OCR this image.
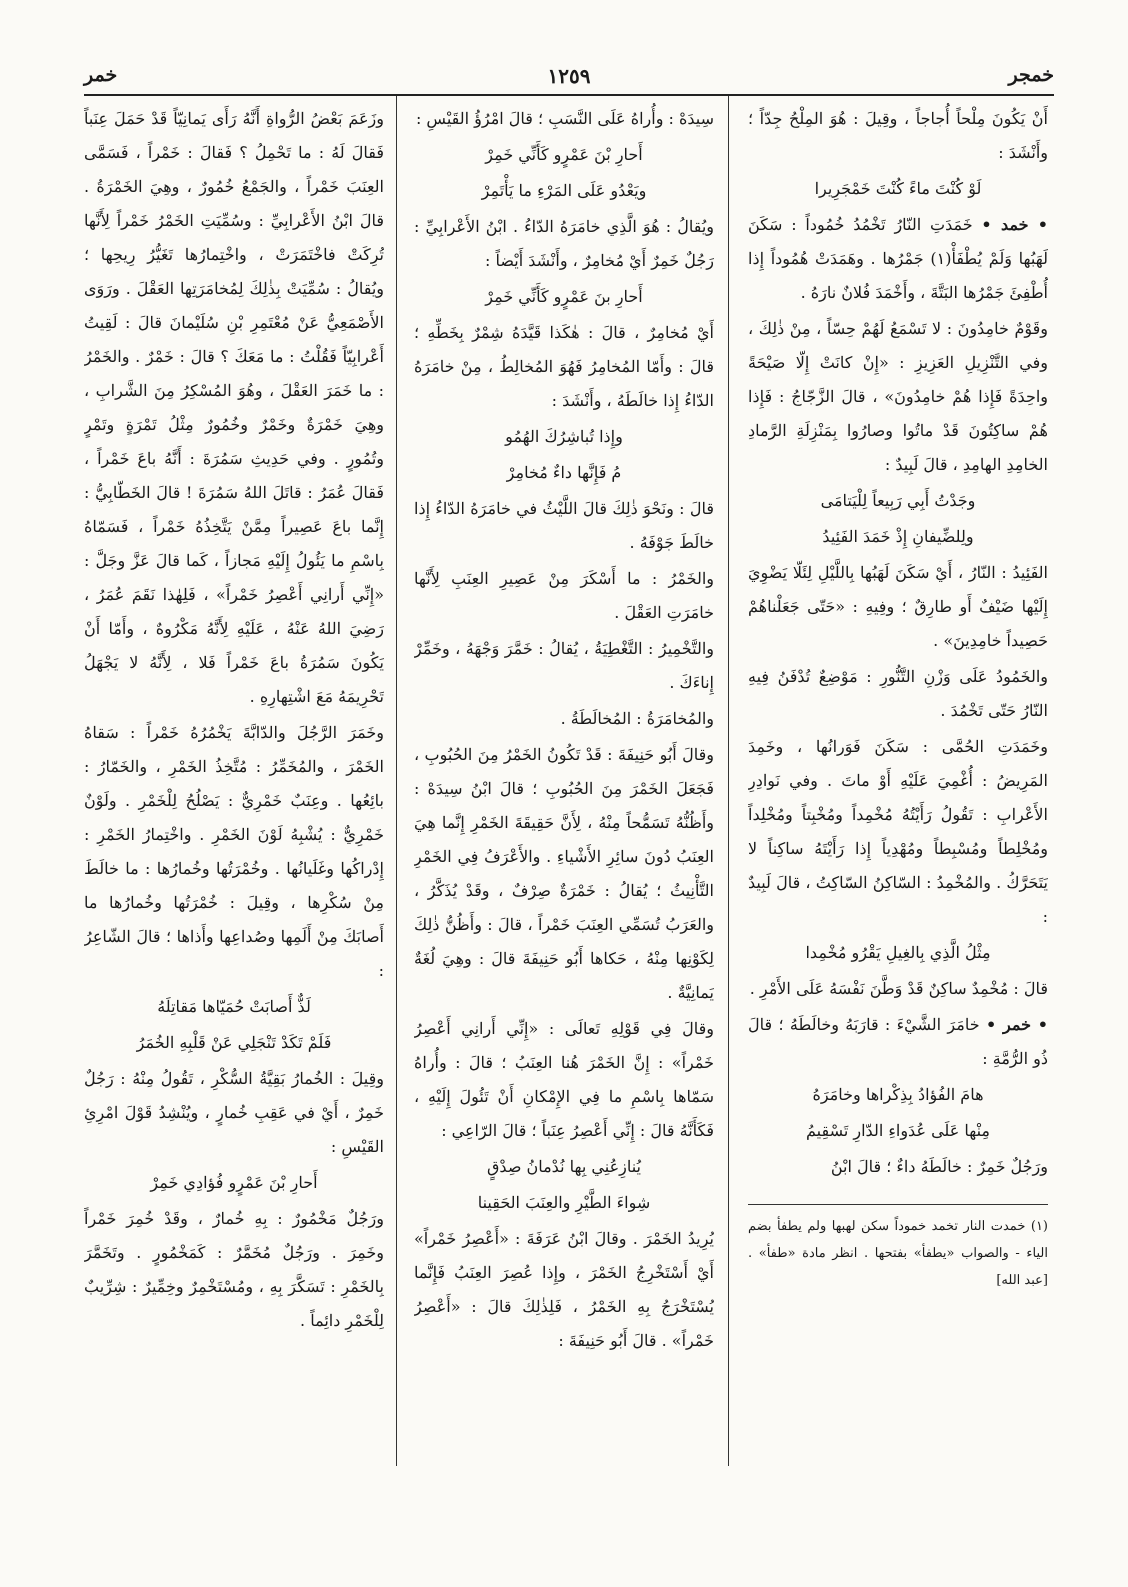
خمجر
١٢٥٩
خمر

أَنْ يَكُونَ مِلْحاً أُجاجاً ، وقِيلَ : هُوَ المِلْحُ جِدّاً ؛ وأَنْشَدَ :

لَوْ كُنْتَ ماءً كُنْتَ خَمْجَرِيرا

• خمد • خَمَدَتِ النّارُ تَخْمُدُ خُمُوداً : سَكَنَ لَهَبُها وَلَمْ يُطْفَأْ(١) جَمْرُها . وهَمَدَتْ هُمُوداً إِذا أُطْفِئَ جَمْرُها البَتَّةَ ، وأَخْمَدَ فُلانٌ نارَهُ .

وقَوْمٌ خامِدُونَ : لا تَسْمَعُ لَهُمْ حِسّاً ، مِنْ ذٰلِكَ ، وفي التَّنْزِيلِ العَزِيزِ : «إِنْ كانَتْ إِلّا صَيْحَةً واحِدَةً فَإِذا هُمْ خامِدُونَ» ، قالَ الزَّجّاجُ : فَإِذا هُمْ ساكِتُونَ قَدْ ماتُوا وصارُوا بِمَنْزِلَةِ الرَّمادِ الخامِدِ الهامِدِ ، قالَ لَبِيدٌ :

وجَدْتُ أَبِي رَبِيعاً لِلْيَتامَى

ولِلضِّيفانِ إِذْ خَمَدَ الفَئِيدُ

الفَئِيدُ : النّارُ ، أَيْ سَكَنَ لَهَبُها بِاللَّيْلِ لِئَلّا يَضْوِيَ إِلَيْها ضَيْفٌ أَو طارِقٌ ؛ وفِيهِ : «حَتّى جَعَلْناهُمْ حَصِيداً خامِدِينَ» .

والخَمُودُ عَلَى وَزْنِ التَّنُّورِ : مَوْضِعٌ تُدْفَنُ فِيهِ النّارُ حَتّى تَخْمُدَ .

وخَمَدَتِ الحُمَّى : سَكَنَ فَوَرانُها ، وخَمِدَ المَرِيضُ : أُغْمِيَ عَلَيْهِ أَوْ ماتَ . وفي نَوادِرِ الأَعْرابِ : تَقُولُ رَأَيْتُهُ مُخْمِداً ومُخْبِتاً ومُخْلِداً ومُخْلِطاً ومُسْبِطاً ومُهْدِياً إِذا رَأَيْتَهُ ساكِناً لا يَتَحَرَّكُ . والمُخْمِدُ : السّاكِنُ السّاكِتُ ، قالَ لَبِيدٌ :

مِثْلُ الَّذِي بِالغِيلِ يَقْرُو مُخْمِدا

قالَ : مُخْمِدٌ ساكِنٌ قَدْ وَطَّنَ نَفْسَهُ عَلَى الأَمْرِ .

• خمر • خامَرَ الشَّيْءَ : قارَبَهُ وخالَطَهُ ؛ قالَ ذُو الرُّمَّةِ :

هامَ الفُؤادُ بِذِكْراها وخامَرَهُ

مِنْها عَلَى عُدَواءِ الدّارِ تَسْقِيمُ

ورَجُلٌ خَمِرٌ : خالَطَهُ داءٌ ؛ قالَ ابْنُ

(١) خمدت النار تخمد خموداً سكن لهبها ولم يطفأ بضم الياء - والصواب «يطفأ» بفتحها . انظر مادة «طفأ» . [عبد الله]

سِيدَهْ : وأُراهُ عَلَى النَّسَبِ ؛ قالَ امْرُؤُ القَيْسِ :

أَحارِ بْنَ عَمْرٍو كَأَنِّي خَمِرْ

ويَعْدُو عَلَى المَرْءِ ما يَأْتَمِرْ

ويُقالُ : هُوَ الَّذِي خامَرَهُ الدّاءُ . ابْنُ الأَعْرابِيِّ : رَجُلٌ خَمِرٌ أَيْ مُخامِرٌ ، وأَنْشَدَ أَيْضاً :

أَحارِ بنَ عَمْرٍو كَأَنِّي خَمِرْ

أَيْ مُخامِرٌ ، قالَ : هٰكَذا قَيَّدَهُ شِمْرٌ بِخَطِّهِ ؛ قالَ : وأَمّا المُخامِرُ فَهُوَ المُخالِطُ ، مِنْ خامَرَهُ الدّاءُ إِذا خالَطَهُ ، وأَنْشَدَ :

وإِذا تُباشِرُكَ الهُمُو

مُ فَإِنَّها داءٌ مُخامِرْ

قالَ : ونَحْوَ ذٰلِكَ قالَ اللَّيْثُ في خامَرَهُ الدّاءُ إِذا خالَطَ جَوْفَهُ .

والخَمْرُ : ما أَسْكَرَ مِنْ عَصِيرِ العِنَبِ لِأَنَّها خامَرَتِ العَقْلَ .

والتَّخْمِيرُ : التَّغْطِيَةُ ، يُقالُ : خَمَّرَ وَجْهَهُ ، وخَمِّرْ إِناءَكَ .

والمُخامَرَةُ : المُخالَطَةُ .

وقالَ أَبُو حَنِيفَةَ : قَدْ تَكُونُ الخَمْرُ مِنَ الحُبُوبِ ، فَجَعَلَ الخَمْرَ مِنَ الحُبُوبِ ؛ قالَ ابْنُ سِيدَهْ : وأَظُنُّهُ تَسَمُّحاً مِنْهُ ، لِأَنَّ حَقِيقَةَ الخَمْرِ إِنَّما هِيَ العِنَبُ دُونَ سائِرِ الأَشْياءِ . والأَعْرَفُ فِي الخَمْرِ التَّأْنِيثُ ؛ يُقالُ : خَمْرَةٌ صِرْفٌ ، وقَدْ يُذَكَّرُ ، والعَرَبُ تُسَمِّي العِنَبَ خَمْراً ، قالَ : وأَظُنُّ ذٰلِكَ لِكَوْنِها مِنْهُ ، حَكاها أَبُو حَنِيفَةَ قالَ : وهِيَ لُغَةٌ يَمانِيَّةٌ .

وقالَ فِي قَوْلِهِ تَعالَى : «إِنِّي أَرانِي أَعْصِرُ خَمْراً» : إِنَّ الخَمْرَ هُنا العِنَبُ ؛ قالَ : وأُراهُ سَمّاها بِاسْمِ ما فِي الإِمْكانِ أَنْ تَئُولَ إِلَيْهِ ، فَكَأَنَّهُ قالَ : إِنِّي أَعْصِرُ عِنَباً ؛ قالَ الرّاعِي :

يُنازِعُنِي بِها نُدْمانُ صِدْقٍ

شِواءَ الطَّيْرِ والعِنَبَ الحَقِينا

يُرِيدُ الخَمْرَ . وقالَ ابْنُ عَرَفَةَ : «أَعْصِرُ خَمْراً» أَيْ أَسْتَخْرِجُ الخَمْرَ ، وإِذا عُصِرَ العِنَبُ فَإِنَّما يُسْتَخْرَجُ بِهِ الخَمْرُ ، فَلِذٰلِكَ قالَ : «أَعْصِرُ خَمْراً» . قالَ أَبُو حَنِيفَةَ :

وزَعَمَ بَعْضُ الرُّواةِ أَنَّهُ رَأَى يَمانِيّاً قَدْ حَمَلَ عِنَباً فَقالَ لَهُ : ما تَحْمِلُ ؟ فَقالَ : خَمْراً ، فَسَمَّى العِنَبَ خَمْراً ، والجَمْعُ خُمُورٌ ، وهِيَ الخَمْرَةُ . قالَ ابْنُ الأَعْرابِيِّ : وسُمِّيَتِ الخَمْرُ خَمْراً لِأَنَّها تُرِكَتْ فاخْتَمَرَتْ ، واخْتِمارُها تَغَيُّرُ رِيحِها ؛ ويُقالُ : سُمِّيَتْ بِذٰلِكَ لِمُخامَرَتِها العَقْلَ . ورَوَى الأَصْمَعِيُّ عَنْ مُعْتَمِرِ بْنِ سُلَيْمانَ قالَ : لَقِيتُ أَعْرابِيّاً فَقُلْتُ : ما مَعَكَ ؟ قالَ : خَمْرٌ . والخَمْرُ : ما خَمَرَ العَقْلَ ، وهُوَ المُسْكِرُ مِنَ الشَّرابِ ، وهِيَ خَمْرَةٌ وخَمْرٌ وخُمُورٌ مِثْلُ تَمْرَةٍ وتَمْرٍ وتُمُورٍ . وفي حَدِيثِ سَمُرَةَ : أَنَّهُ باعَ خَمْراً ، فَقالَ عُمَرُ : قاتَلَ اللهُ سَمُرَةَ ! قالَ الخَطّابِيُّ : إِنَّما باعَ عَصِيراً مِمَّنْ يَتَّخِذُهُ خَمْراً ، فَسَمّاهُ بِاسْمِ ما يَئُولُ إِلَيْهِ مَجازاً ، كَما قالَ عَزَّ وجَلَّ : «إِنِّي أَرانِي أَعْصِرُ خَمْراً» ، فَلِهٰذا نَقَمَ عُمَرُ ، رَضِيَ اللهُ عَنْهُ ، عَلَيْهِ لِأَنَّهُ مَكْرُوهٌ ، وأَمّا أَنْ يَكُونَ سَمُرَةُ باعَ خَمْراً فَلا ، لِأَنَّهُ لا يَجْهَلُ تَحْرِيمَهُ مَعَ اشْتِهارِهِ .

وخَمَرَ الرَّجُلَ والدّابَّةَ يَخْمُرُهُ خَمْراً : سَقاهُ الخَمْرَ ، والمُخَمِّرُ : مُتَّخِذُ الخَمْرِ ، والخَمّارُ : بائِعُها . وعِنَبٌ خَمْرِيٌّ : يَصْلُحُ لِلْخَمْرِ . ولَوْنٌ خَمْرِيٌّ : يُشْبِهُ لَوْنَ الخَمْرِ . واخْتِمارُ الخَمْرِ : إِدْراكُها وغَلَيانُها . وخُمْرَتُها وخُمارُها : ما خالَطَ مِنْ سُكْرِها ، وقِيلَ : خُمْرَتُها وخُمارُها ما أَصابَكَ مِنْ أَلَمِها وصُداعِها وأَذاها ؛ قالَ الشّاعِرُ :

لَذٌّ أَصابَتْ حُمَيّاها مَقاتِلَهُ

فَلَمْ تَكَدْ تَنْجَلِي عَنْ قَلْبِهِ الخُمَرُ

وقِيلَ : الخُمارُ بَقِيَّةُ السُّكْرِ ، تَقُولُ مِنْهُ : رَجُلٌ خَمِرٌ ، أَيْ في عَقِبِ خُمارٍ ، ويُنْشِدُ قَوْلَ امْرِئِ القَيْسِ :

أَحارِ بْنَ عَمْرٍو فُؤادِي خَمِرْ

ورَجُلٌ مَخْمُورٌ : بِهِ خُمارٌ ، وقَدْ خُمِرَ خَمْراً وخَمِرَ . ورَجُلٌ مُخَمَّرٌ : كَمَخْمُورٍ . وتَخَمَّرَ بِالخَمْرِ : تَسَكَّرَ بِهِ ، ومُسْتَخْمِرٌ وخِمِّيرٌ : شِرِّيبٌ لِلْخَمْرِ دائِماً .
